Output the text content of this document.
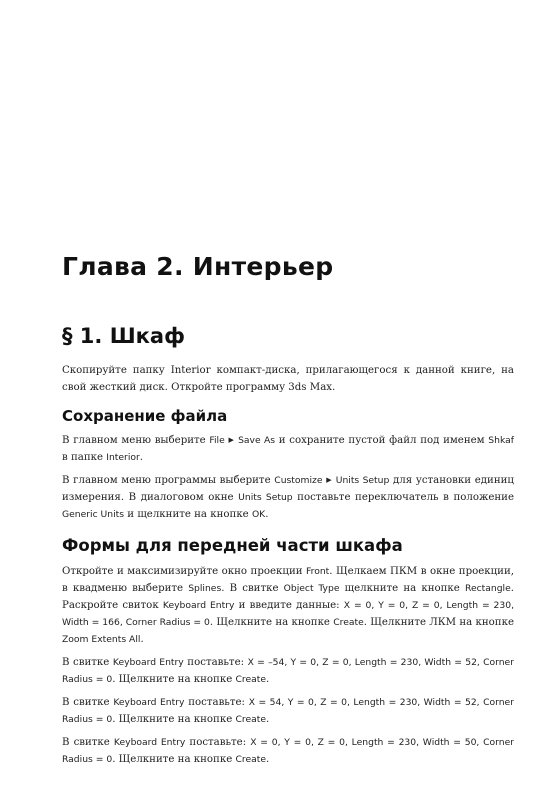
Глава 2. Интерьер
§ 1. Шкаф

Скопируйте папку Interior компакт-диска, прилагающегося к данной книге, на свой жесткий диск. Откройте программу 3ds Max.

Сохранение файла

В главном меню выберите File ▶ Save As и сохраните пустой файл под именем Shkaf в папке Interior.

В главном меню программы выберите Customize ▶ Units Setup для установки единиц измерения. В диалоговом окне Units Setup поставьте переключатель в положение Generic Units и щелкните на кнопке OK.

Формы для передней части шкафа

Откройте и максимизируйте окно проекции Front. Щелкаем ПКМ в окне проекции, в квадменю выберите Splines. В свитке Object Type щелкните на кнопке Rectangle. Раскройте свиток Keyboard Entry и введите данные: X = 0, Y = 0, Z = 0, Length = 230, Width = 166, Corner Radius = 0. Щелкните на кнопке Create. Щелкните ЛКМ на кнопке Zoom Extents All.

В свитке Keyboard Entry поставьте: X = –54, Y = 0, Z = 0, Length = 230, Width = 52, Corner Radius = 0. Щелкните на кнопке Create.

В свитке Keyboard Entry поставьте: X = 54, Y = 0, Z = 0, Length = 230, Width = 52, Corner Radius = 0. Щелкните на кнопке Create.

В свитке Keyboard Entry поставьте: X = 0, Y = 0, Z = 0, Length = 230, Width = 50, Corner Radius = 0. Щелкните на кнопке Create.
